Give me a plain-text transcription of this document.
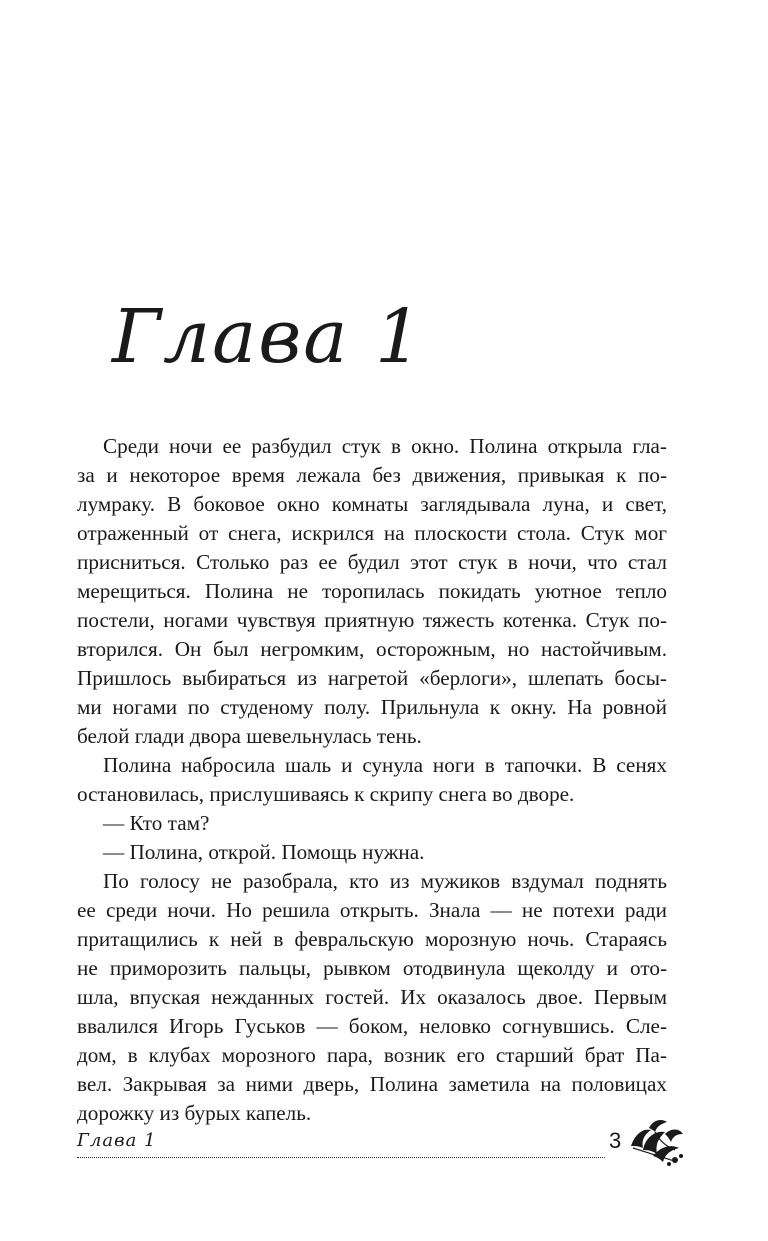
Глава 1
Среди ночи ее разбудил стук в окно. Полина открыла гла-
за и некоторое время лежала без движения, привыкая к по-
лумраку. В боковое окно комнаты заглядывала луна, и свет,
отраженный от снега, искрился на плоскости стола. Стук мог
присниться. Столько раз ее будил этот стук в ночи, что стал
мерещиться. Полина не торопилась покидать уютное тепло
постели, ногами чувствуя приятную тяжесть котенка. Стук по-
вторился. Он был негромким, осторожным, но настойчивым.
Пришлось выбираться из нагретой «берлоги», шлепать босы-
ми ногами по студеному полу. Прильнула к окну. На ровной
белой глади двора шевельнулась тень.
Полина набросила шаль и сунула ноги в тапочки. В сенях
остановилась, прислушиваясь к скрипу снега во дворе.
— Кто там?
— Полина, открой. Помощь нужна.
По голосу не разобрала, кто из мужиков вздумал поднять
ее среди ночи. Но решила открыть. Знала — не потехи ради
притащились к ней в февральскую морозную ночь. Стараясь
не приморозить пальцы, рывком отодвинула щеколду и ото-
шла, впуская нежданных гостей. Их оказалось двое. Первым
ввалился Игорь Гуськов — боком, неловко согнувшись. Сле-
дом, в клубах морозного пара, возник его старший брат Па-
вел. Закрывая за ними дверь, Полина заметила на половицах
дорожку из бурых капель.
Глава 1	3
